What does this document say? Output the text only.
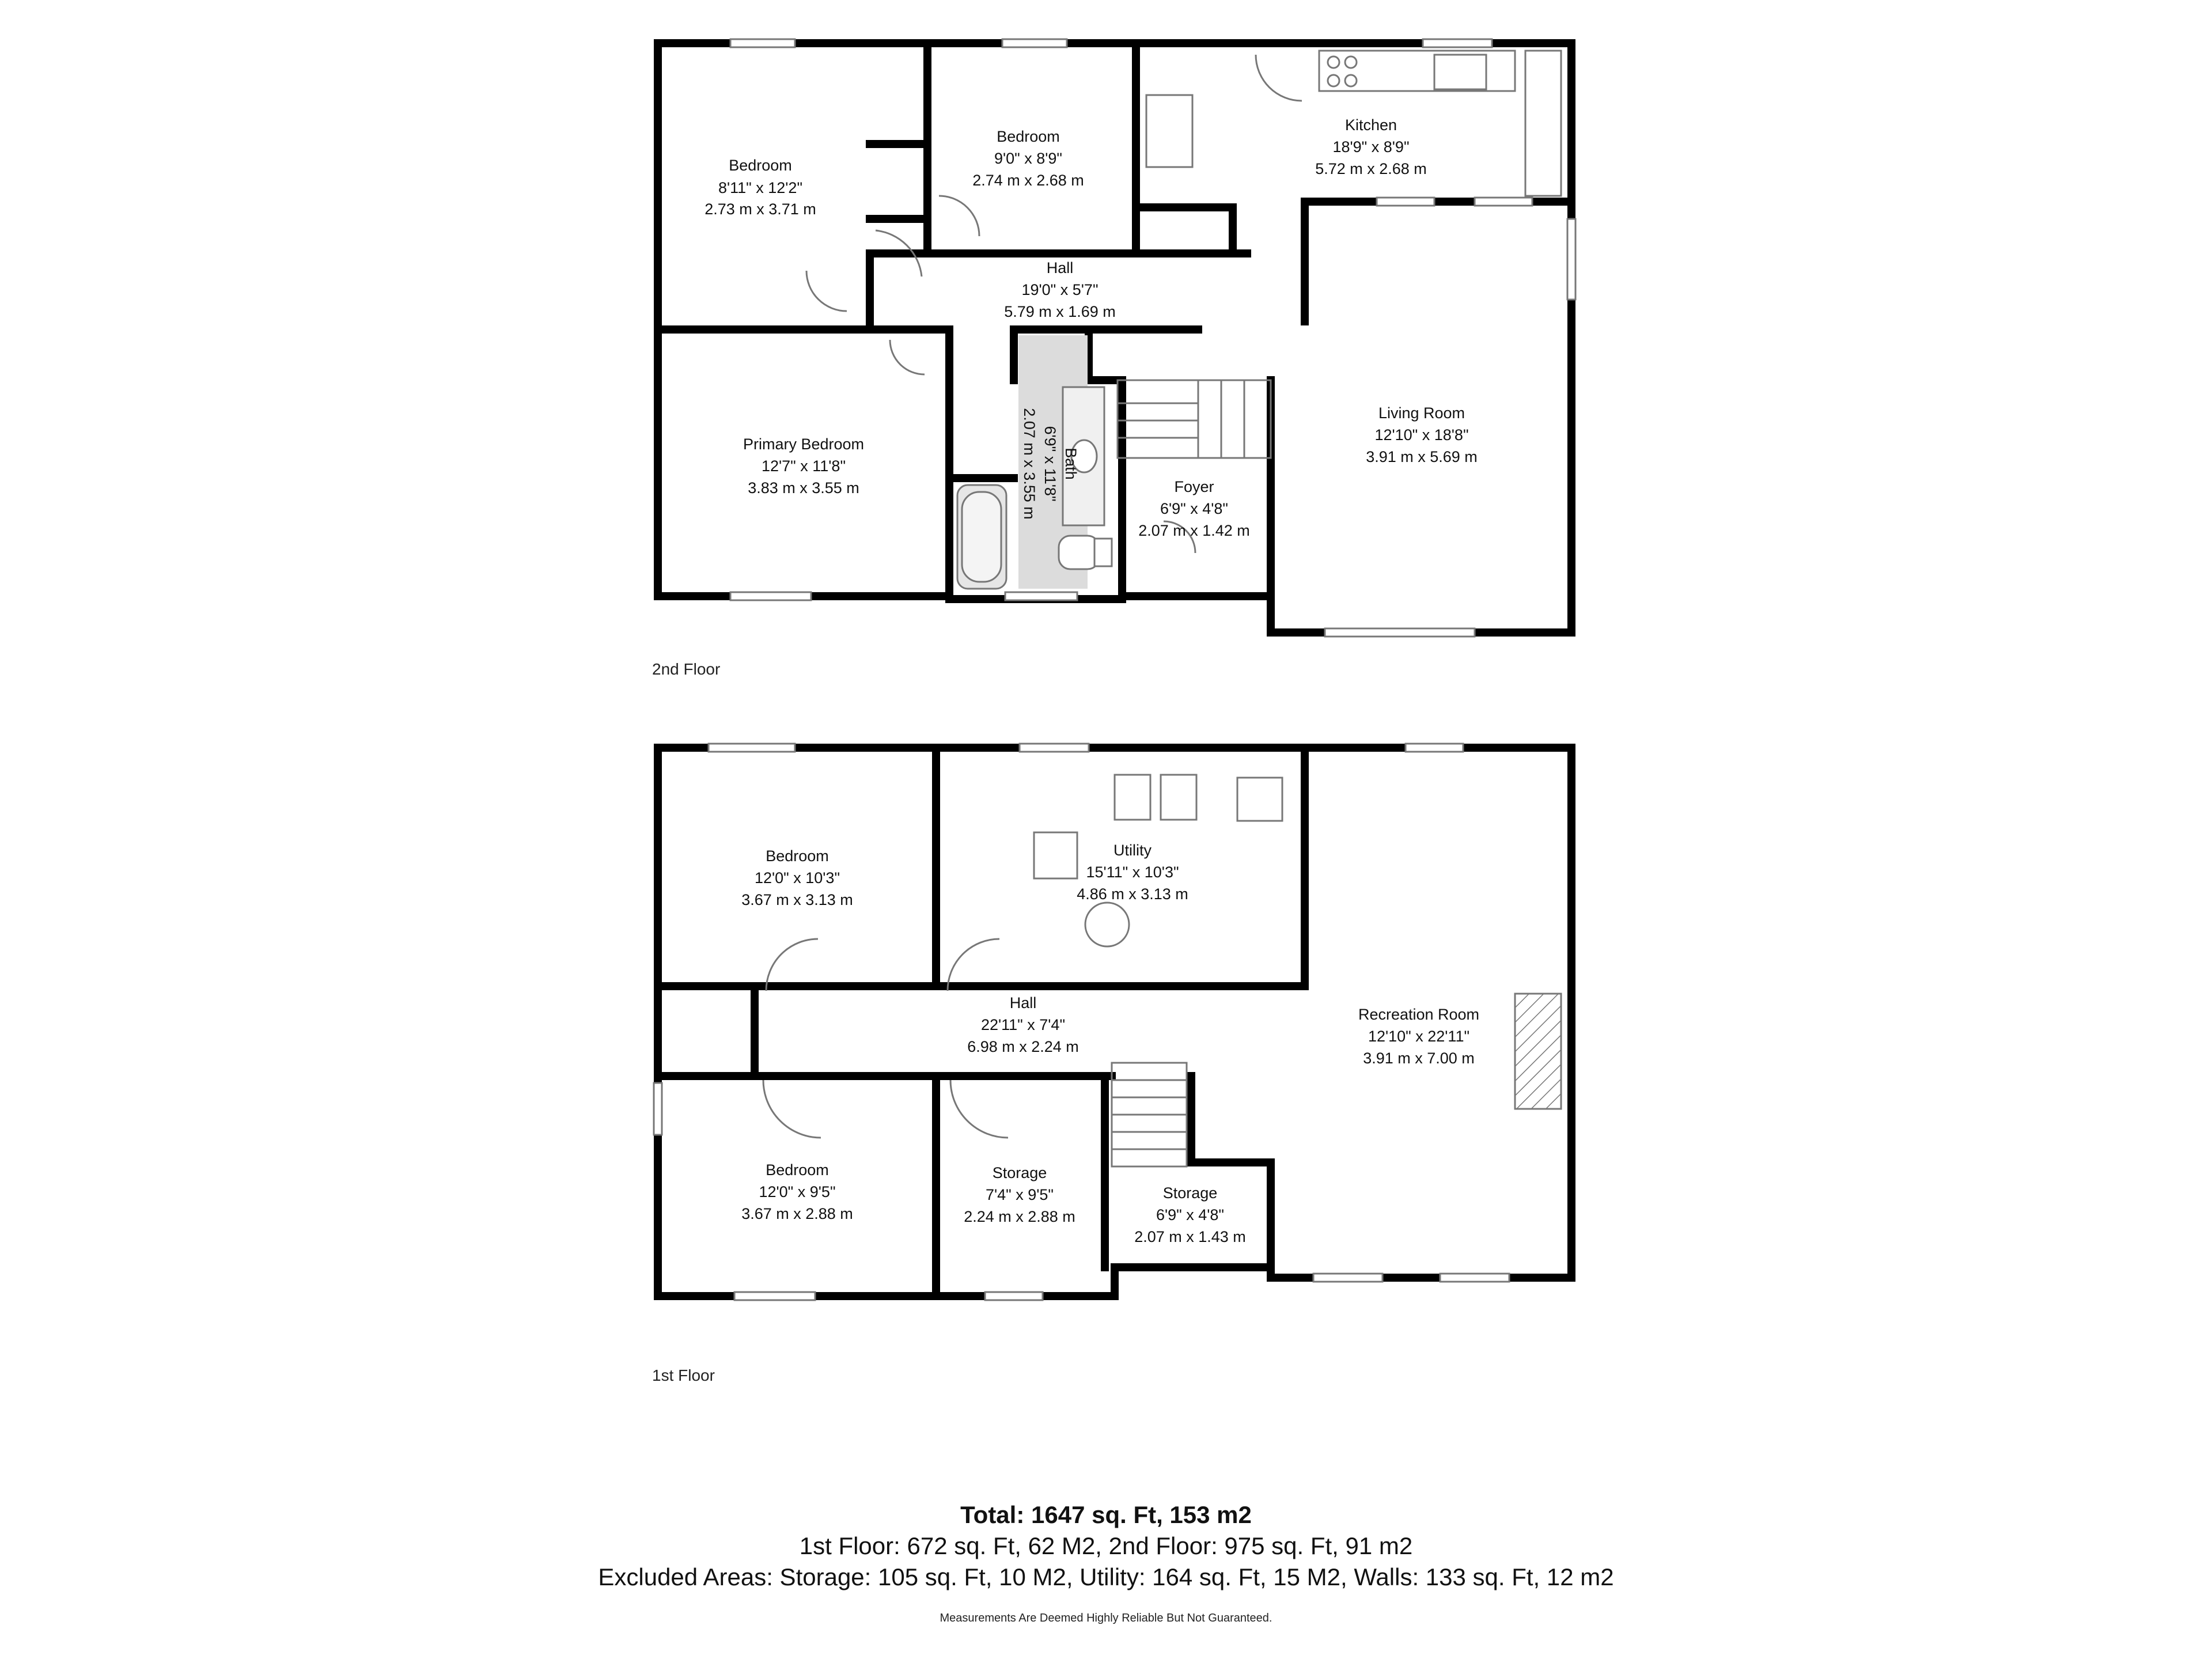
Bedroom
8'11" x 12'2"
2.73 m x 3.71 m
Bedroom
9'0" x 8'9"
2.74 m x 2.68 m
Kitchen
18'9" x 8'9"
5.72 m x 2.68 m
Hall
19'0" x 5'7"
5.79 m x 1.69 m
Primary Bedroom
12'7" x 11'8"
3.83 m x 3.55 m
Bath
6'9" x 11'8"
2.07 m x 3.55 m	Foyer
6'9" x 4'8"
2.07 m x 1.42 m
Living Room
12'10" x 18'8"
3.91 m x 5.69 m
Bedroom
12'0" x 10'3"
3.67 m x 3.13 m
Utility
15'11" x 10'3"
4.86 m x 3.13 m
Hall
22'11" x 7'4"
6.98 m x 2.24 m
Recreation Room
12'10" x 22'11"
3.91 m x 7.00 m
Bedroom
12'0" x 9'5"
3.67 m x 2.88 m
Storage
7'4" x 9'5"
2.24 m x 2.88 m
Storage
6'9" x 4'8"
2.07 m x 1.43 m
2nd Floor
1st Floor
Total: 1647 sq. Ft, 153 m2
1st Floor: 672 sq. Ft, 62 M2, 2nd Floor: 975 sq. Ft, 91 m2
Excluded Areas: Storage: 105 sq. Ft, 10 M2, Utility: 164 sq. Ft, 15 M2, Walls: 133 sq. Ft, 12 m2
Measurements Are Deemed Highly Reliable But Not Guaranteed.
